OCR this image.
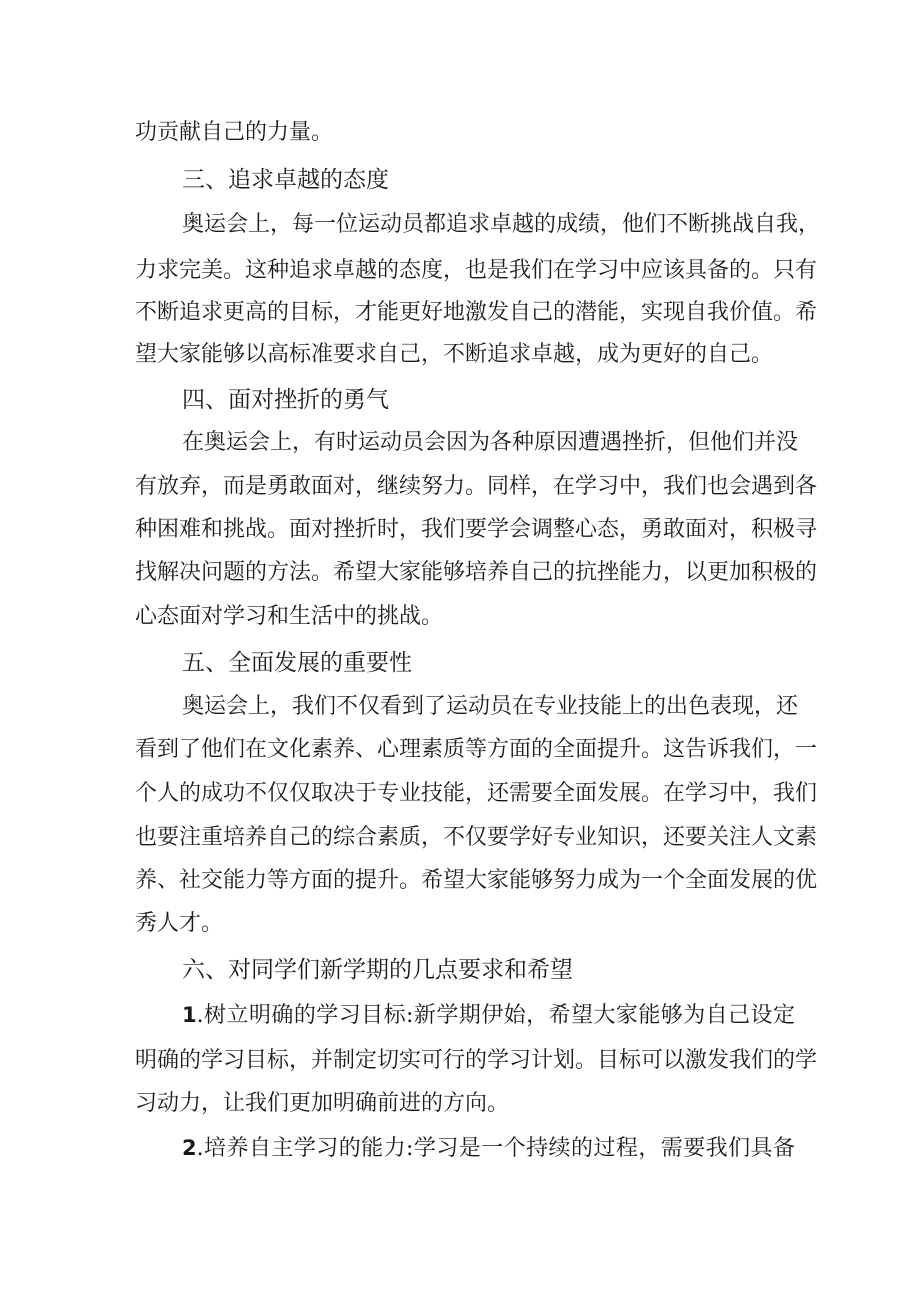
功贡献自己的力量。
三、追求卓越的态度
奥运会上，每一位运动员都追求卓越的成绩，他们不断挑战自我，
力求完美。这种追求卓越的态度，也是我们在学习中应该具备的。只有
不断追求更高的目标，才能更好地激发自己的潜能，实现自我价值。希
望大家能够以高标准要求自己，不断追求卓越，成为更好的自己。
四、面对挫折的勇气
在奥运会上，有时运动员会因为各种原因遭遇挫折，但他们并没
有放弃，而是勇敢面对，继续努力。同样，在学习中，我们也会遇到各
种困难和挑战。面对挫折时，我们要学会调整心态，勇敢面对，积极寻
找解决问题的方法。希望大家能够培养自己的抗挫能力，以更加积极的
心态面对学习和生活中的挑战。
五、全面发展的重要性
奥运会上，我们不仅看到了运动员在专业技能上的出色表现，还
看到了他们在文化素养、心理素质等方面的全面提升。这告诉我们，一
个人的成功不仅仅取决于专业技能，还需要全面发展。在学习中，我们
也要注重培养自己的综合素质，不仅要学好专业知识，还要关注人文素
养、社交能力等方面的提升。希望大家能够努力成为一个全面发展的优
秀人才。
六、对同学们新学期的几点要求和希望
1.树立明确的学习目标:新学期伊始，希望大家能够为自己设定
明确的学习目标，并制定切实可行的学习计划。目标可以激发我们的学
习动力，让我们更加明确前进的方向。
2.培养自主学习的能力:学习是一个持续的过程，需要我们具备
